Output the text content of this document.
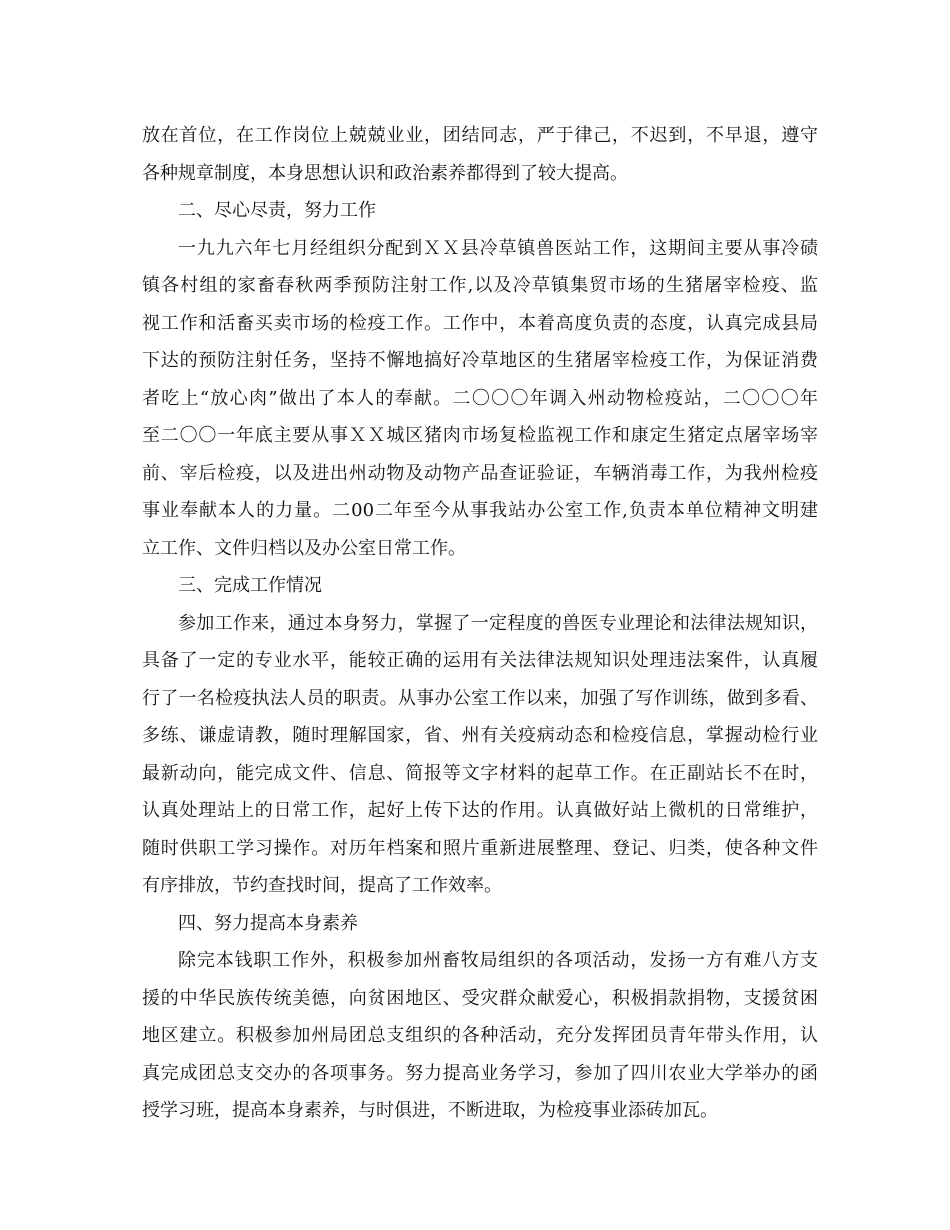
放在首位，在工作岗位上兢兢业业，团结同志，严于律己，不迟到，不早退，遵守
各种规章制度，本身思想认识和政治素养都得到了较大提高。
二、尽心尽责，努力工作
一九九六年七月经组织分配到ＸＸ县冷草镇兽医站工作，这期间主要从事冷碛
镇各村组的家畜春秋两季预防注射工作,以及冷草镇集贸市场的生猪屠宰检疫、监
视工作和活畜买卖市场的检疫工作。工作中，本着高度负责的态度，认真完成县局
下达的预防注射任务，坚持不懈地搞好冷草地区的生猪屠宰检疫工作，为保证消费
者吃上“放心肉”做出了本人的奉献。二〇〇〇年调入州动物检疫站，二〇〇〇年
至二〇〇一年底主要从事ＸＸ城区猪肉市场复检监视工作和康定生猪定点屠宰场宰
前、宰后检疫，以及进出州动物及动物产品查证验证，车辆消毒工作，为我州检疫
事业奉献本人的力量。二00二年至今从事我站办公室工作,负责本单位精神文明建
立工作、文件归档以及办公室日常工作。
三、完成工作情况
参加工作来，通过本身努力，掌握了一定程度的兽医专业理论和法律法规知识，
具备了一定的专业水平，能较正确的运用有关法律法规知识处理违法案件，认真履
行了一名检疫执法人员的职责。从事办公室工作以来，加强了写作训练，做到多看、
多练、谦虚请教，随时理解国家，省、州有关疫病动态和检疫信息，掌握动检行业
最新动向，能完成文件、信息、简报等文字材料的起草工作。在正副站长不在时，
认真处理站上的日常工作，起好上传下达的作用。认真做好站上微机的日常维护，
随时供职工学习操作。对历年档案和照片重新进展整理、登记、归类，使各种文件
有序排放，节约查找时间，提高了工作效率。
四、努力提高本身素养
除完本钱职工作外，积极参加州畜牧局组织的各项活动，发扬一方有难八方支
援的中华民族传统美德，向贫困地区、受灾群众献爱心，积极捐款捐物，支援贫困
地区建立。积极参加州局团总支组织的各种活动，充分发挥团员青年带头作用，认
真完成团总支交办的各项事务。努力提高业务学习，参加了四川农业大学举办的函
授学习班，提高本身素养，与时俱进，不断进取，为检疫事业添砖加瓦。
